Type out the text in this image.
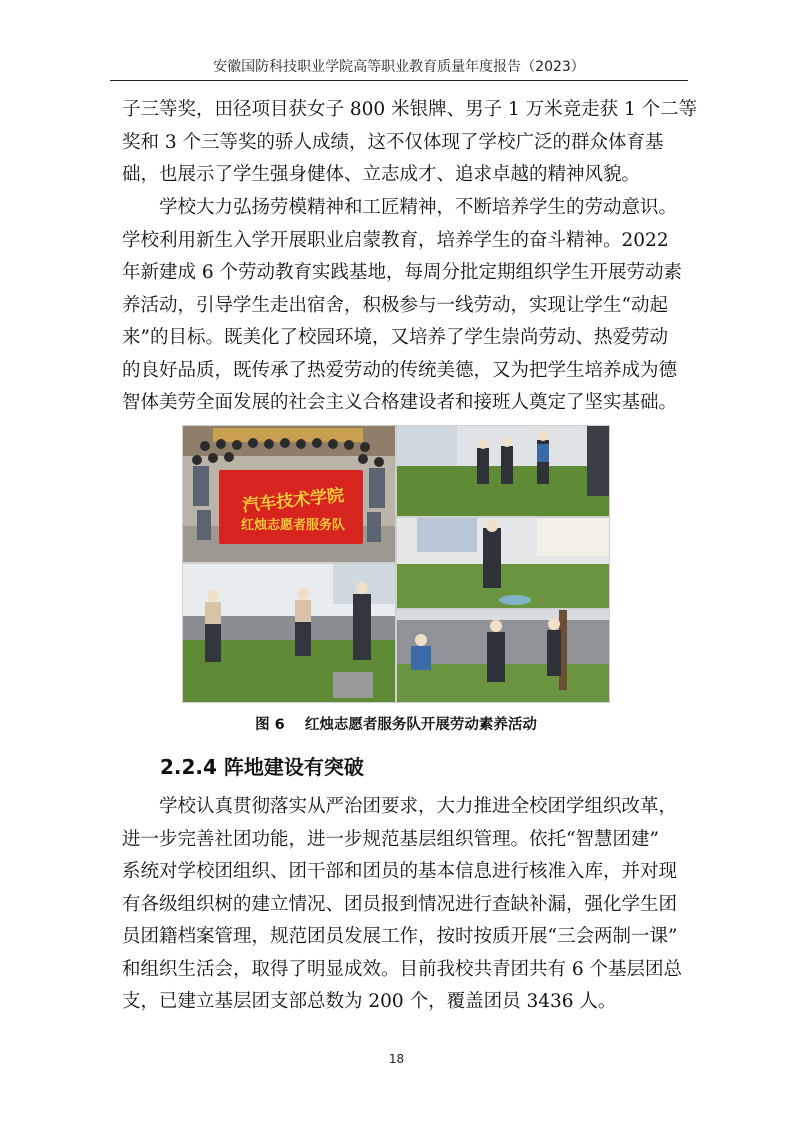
安徽国防科技职业学院高等职业教育质量年度报告（2023）

子三等奖，田径项目获女子 800 米银牌、男子 1 万米竞走获 1 个二等
奖和 3 个三等奖的骄人成绩，这不仅体现了学校广泛的群众体育基
础，也展示了学生强身健体、立志成才、追求卓越的精神风貌。

学校大力弘扬劳模精神和工匠精神，不断培养学生的劳动意识。
学校利用新生入学开展职业启蒙教育，培养学生的奋斗精神。2022
年新建成 6 个劳动教育实践基地，每周分批定期组织学生开展劳动素
养活动，引导学生走出宿舍，积极参与一线劳动，实现让学生“动起
来”的目标。既美化了校园环境，又培养了学生崇尚劳动、热爱劳动
的良好品质，既传承了热爱劳动的传统美德，又为把学生培养成为德
智体美劳全面发展的社会主义合格建设者和接班人奠定了坚实基础。

汽车技术学院
红烛志愿者服务队
图 6    红烛志愿者服务队开展劳动素养活动
2.2.4 阵地建设有突破

学校认真贯彻落实从严治团要求，大力推进全校团学组织改革，
进一步完善社团功能，进一步规范基层组织管理。依托“智慧团建”
系统对学校团组织、团干部和团员的基本信息进行核准入库，并对现
有各级组织树的建立情况、团员报到情况进行查缺补漏，强化学生团
员团籍档案管理，规范团员发展工作，按时按质开展“三会两制一课”
和组织生活会，取得了明显成效。目前我校共青团共有 6 个基层团总
支，已建立基层团支部总数为 200 个，覆盖团员 3436 人。

18
